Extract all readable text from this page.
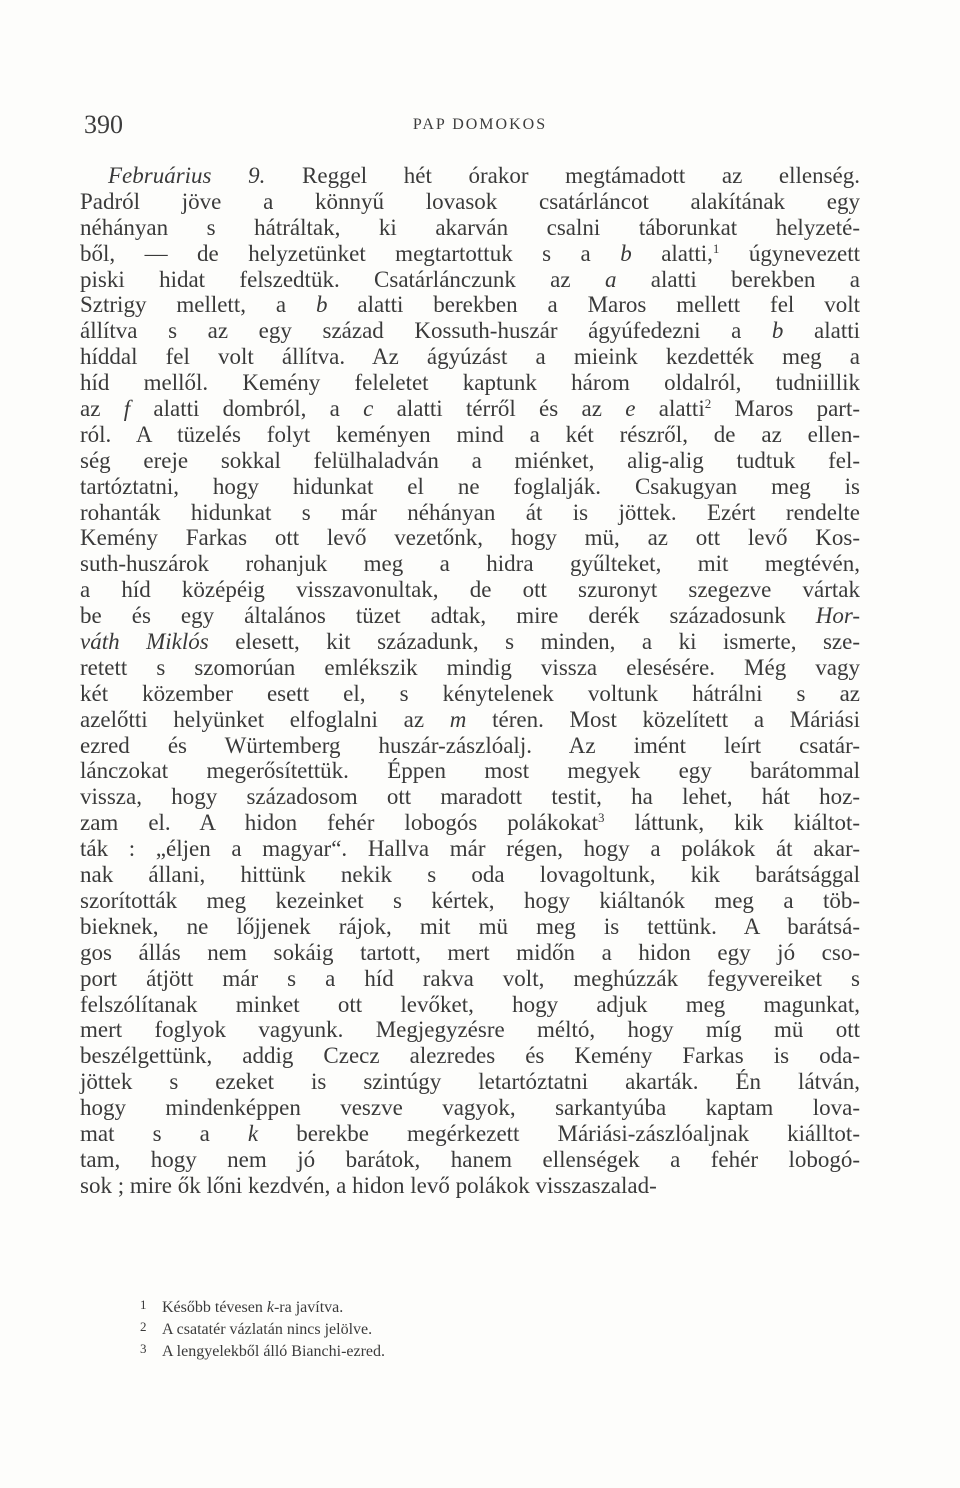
390	PAP DOMOKOS
Februárius 9. Reggel hét órakor megtámadott az ellenség.
Padról jöve a könnyű lovasok csatárláncot alakítának egy
néhányan s hátráltak, ki akarván csalni táborunkat helyzeté-
ből, — de helyzetünket megtartottuk s a b alatti,$^1$ úgynevezett
piski hidat felszedtük. Csatárlánczunk az a alatti berekben a
Sztrigy mellett, a b alatti berekben a Maros mellett fel volt
állítva s az egy század Kossuth-huszár ágyúfedezni a b alatti
híddal fel volt állítva. Az ágyúzást a mieink kezdették meg a
híd mellől. Kemény feleletet kaptunk három oldalról, tudniillik
az f alatti dombról, a c alatti térről és az e alatti$^2$ Maros part-
ról. A tüzelés folyt keményen mind a két részről, de az ellen-
ség ereje sokkal felülhaladván a miénket, alig-alig tudtuk fel-
tartóztatni, hogy hidunkat el ne foglalják. Csakugyan meg is
rohanták hidunkat s már néhányan át is jöttek. Ezért rendelte
Kemény Farkas ott levő vezetőnk, hogy mü, az ott levő Kos-
suth-huszárok rohanjuk meg a hidra gyűlteket, mit megtévén,
a híd középéig visszavonultak, de ott szuronyt szegezve vártak
be és egy általános tüzet adtak, mire derék századosunk Hor-
váth Miklós elesett, kit századunk, s minden, a ki ismerte, sze-
retett s szomorúan emlékszik mindig vissza elesésére. Még vagy
két közember esett el, s kénytelenek voltunk hátrálni s az
azelőtti helyünket elfoglalni az m téren. Most közelített a Máriási
ezred és Würtemberg huszár-zászlóalj. Az imént leírt csatár-
lánczokat megerősítettük. Éppen most megyek egy barátommal
vissza, hogy századosom ott maradott testit, ha lehet, hát hoz-
zam el. A hidon fehér lobogós polákokat$^3$ láttunk, kik kiáltot-
ták : „éljen a magyar“. Hallva már régen, hogy a polákok át akar-
nak állani, hittünk nekik s oda lovagoltunk, kik barátsággal
szorították meg kezeinket s kértek, hogy kiáltanók meg a töb-
bieknek, ne lőjjenek rájok, mit mü meg is tettünk. A barátsá-
gos állás nem sokáig tartott, mert midőn a hidon egy jó cso-
port átjött már s a híd rakva volt, meghúzzák fegyvereiket s
felszólítanak minket ott levőket, hogy adjuk meg magunkat,
mert foglyok vagyunk. Megjegyzésre méltó, hogy míg mü ott
beszélgettünk, addig Czecz alezredes és Kemény Farkas is oda-
jöttek s ezeket is szintúgy letartóztatni akarták. Én látván,
hogy mindenképpen veszve vagyok, sarkantyúba kaptam lova-
mat s a k berekbe megérkezett Máriási-zászlóaljnak kiálltot-
tam, hogy nem jó barátok, hanem ellenségek a fehér lobogó-
sok ; mire ők lőni kezdvén, a hidon levő polákok visszaszalad-
1 Később tévesen k-ra javítva.
2 A csatatér vázlatán nincs jelölve.
3 A lengyelekből álló Bianchi-ezred.
